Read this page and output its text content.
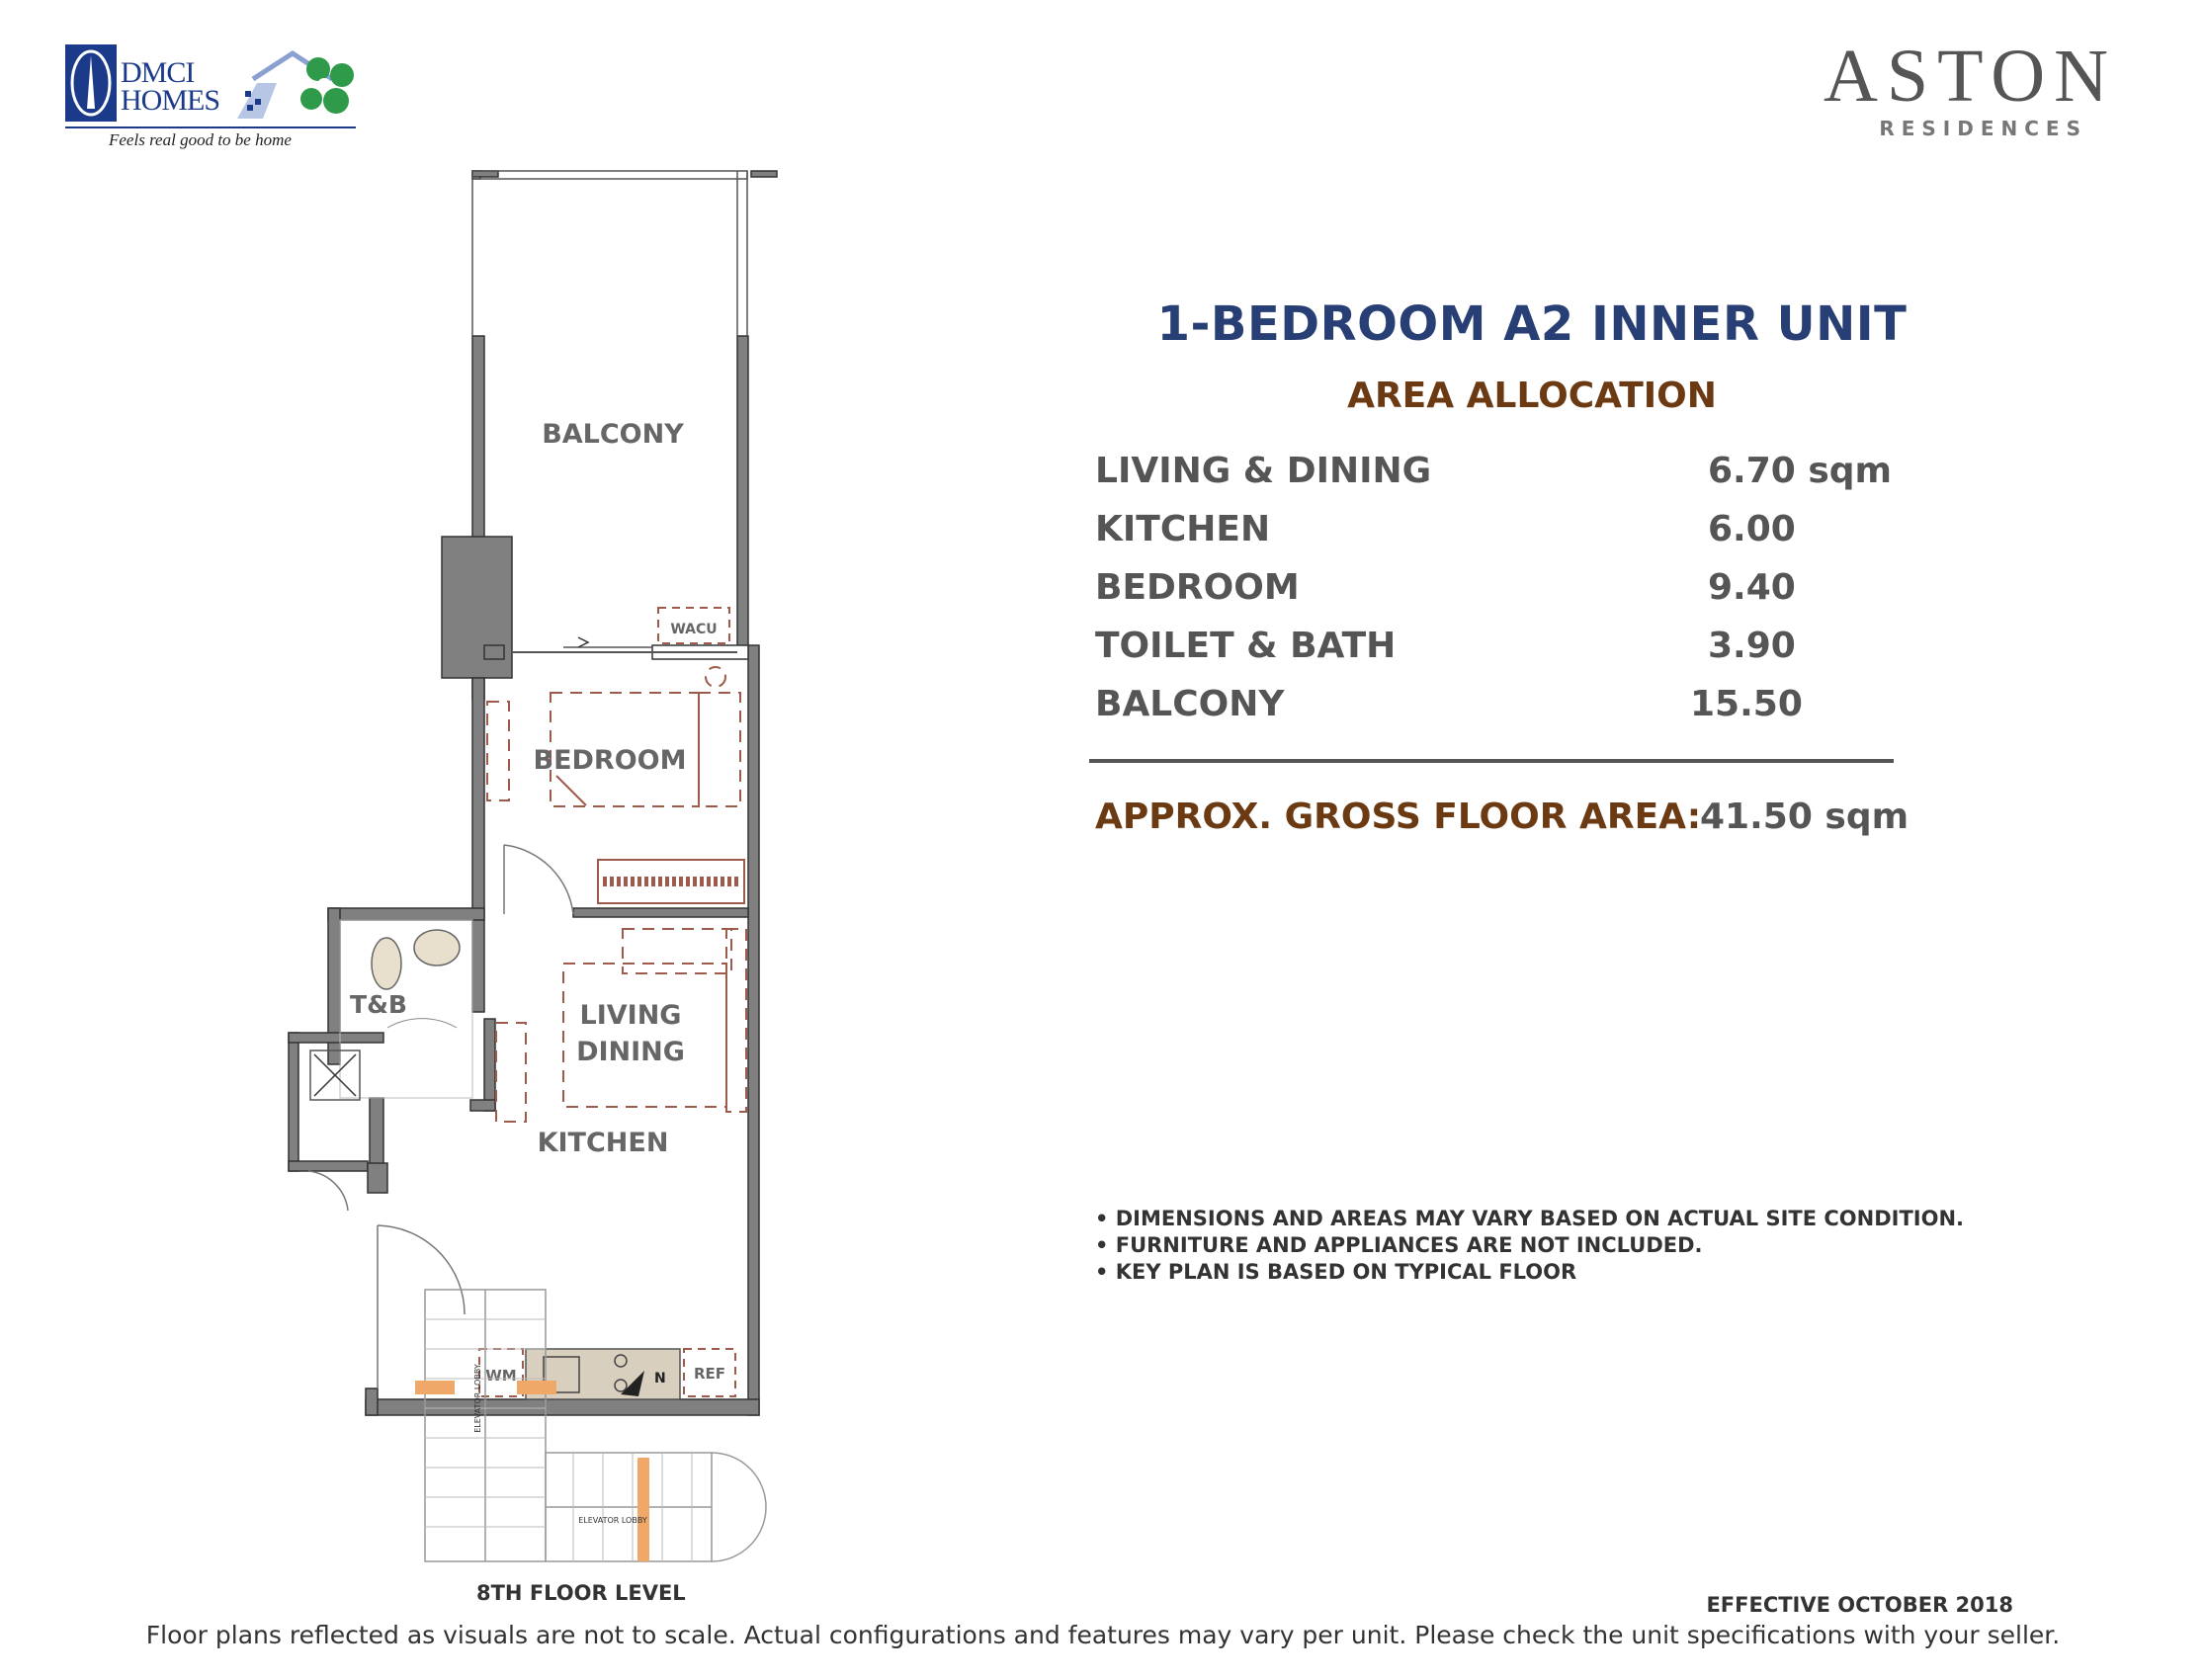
DMCI
HOMES
Feels real good to be home
ASTON
RESIDENCES
WACU
BEDROOM
LIVING
DINING
T&B
KITCHEN
WM	REF
BALCONY
ELEVATOR LOBBY
ELEVATOR LOBBY
N
8TH FLOOR LEVEL
1-BEDROOM A2 INNER UNIT
AREA ALLOCATION
LIVING & DINING	6.70 sqm
KITCHEN	6.00
BEDROOM	9.40
TOILET & BATH	3.90
BALCONY	15.50
APPROX. GROSS FLOOR AREA:
41.50 sqm
• DIMENSIONS AND AREAS MAY VARY BASED ON ACTUAL SITE CONDITION.
• FURNITURE AND APPLIANCES ARE NOT INCLUDED.
• KEY PLAN IS BASED ON TYPICAL FLOOR
EFFECTIVE OCTOBER 2018
Floor plans reflected as visuals are not to scale. Actual configurations and features may vary per unit. Please check the unit specifications with your seller.
